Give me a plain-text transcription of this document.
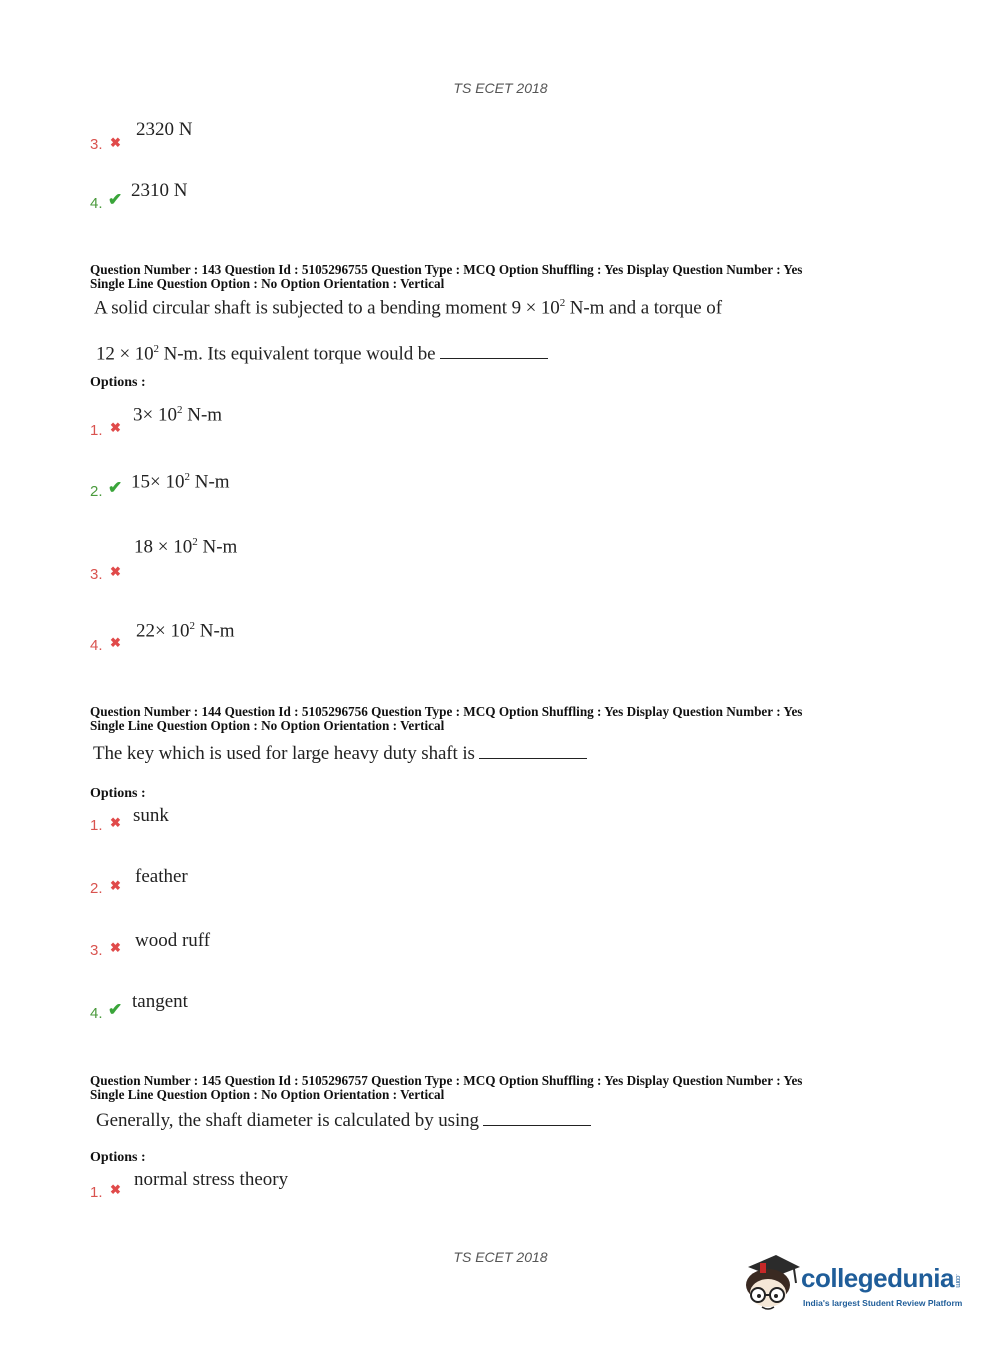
TS ECET 2018
3. ✖
2320 N
4. ✔ 2310 N
Question Number : 143 Question Id : 5105296755 Question Type : MCQ Option Shuffling : Yes Display Question Number : Yes
Single Line Question Option : No Option Orientation : Vertical
A solid circular shaft is subjected to a bending moment $9 \times 10^2$ N-m and a torque of
$12 \times 10^2$ N-m. Its equivalent torque would be
Options :
1. ✖
$3\times 10^2$ N-m
2. ✔ $15\times 10^2$ N-m
$18 \times 10^2$ N-m
3. ✖
$22\times 10^2$ N-m
4. ✖
Question Number : 144 Question Id : 5105296756 Question Type : MCQ Option Shuffling : Yes Display Question Number : Yes
Single Line Question Option : No Option Orientation : Vertical
The key which is used for large heavy duty shaft is
Options :
sunk
1. ✖
feather
2. ✖
wood ruff
3. ✖
tangent
4. ✔
Question Number : 145 Question Id : 5105296757 Question Type : MCQ Option Shuffling : Yes Display Question Number : Yes
Single Line Question Option : No Option Orientation : Vertical
Generally, the shaft diameter is calculated by using
Options :
normal stress theory
1. ✖
TS ECET 2018
collegedunia.com
India's largest Student Review Platform
